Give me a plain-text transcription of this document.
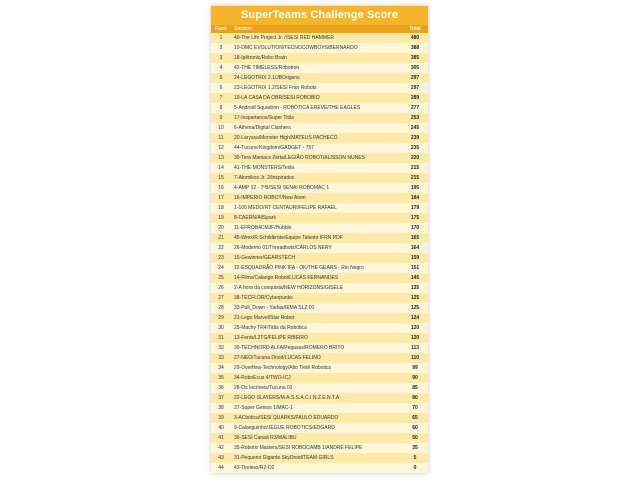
SuperTeams Challenge Score
Rank	Session	Total
1	40-The Life Project Jr. //SESI RED HAMMER	480
2	10-DMC EVOLUTION/TECNOCOWBOYS/BERNARDO	388
3	18-Ipêtronic/Robo Brain	385
4	42-THE TIMELESS/Robotron	305
5	24-LEGOTRIX 2.1/JBOrigens	297
6	23-LEGOTRIX 1.2/SESI Fran Robots	297
7	19-LA CASA DA OBR/SESI ROBOBIO	289
8	5-Android Squadron - ROBÓTICA EREVE/THE EAGLES	277
9	17-Inspartanos/Super Titãs	253
10	6-Athena/Digital Clashers	245
11	20-Laryssa/Monster High/MATEUS PACHECO	239
12	44-Tucuna Kingdom/GADGET - 757	235
13	30-Tera Maniacs Zetta/LEGIÃO ROBOT/ALISSON NUNES	220
14	41-THE MONSTERS/Tesla	215
15	7-Atomikos Jr. 2/Inspirados	215
16	4-AMP 12 - 7ºB/SESI SENAI ROBOMAC 1	195
17	16-IMPERIO ROBOT/New Atom	184
18	1-100 MEDO/RT CENTAURI/FELIPE RAFAEL	179
19	8-CAERN/AllSpark	175
20	11-EFROB4CMJF/Hubble	170
21	45-Wrex/R.Schildkröte/Equipe Talento IFRN PDF	165
22	26-Moderno 01/Threadbots/CARLOS NERY	164
23	15-Gewinner/GEARSTECH	159
24	12-ESQUADRÃO PINK IFA - OK/THE GEARS - Rio Negro	151
25	14-Filmx/Calango Robot/LUCAS FERNANDES	145
26	2-A hora da conquista/NEW HORIZONS/GISELE	135
27	38-TECFLOR/Cyberpunks	125
28	33-Pull_Down - Yadaa/IEMA SLZ 01	125
29	21-Lego Marvel/Star Robot	124
30	25-Machy TR4/Titãs da Robótica	120
31	13-Fenix/L2TG/FELIPE RIBEIRO	120
32	39-TECHNORD ALFA/Pegasus/ROMERO BRITO	113
33	27-NEO/Tucuna Droid/LUCAS FELINO	110
34	29-Overflow-Technology/Alto Tietê Robotics	99
35	34-RoboEcus 4/TWO-ICJ	90
36	28-Os Incríveis/Tucuna 01	85
37	22-LEGO SLAYERS/M.A.S.S.A.C.I.N.Z.E.N.T.A	80
38	37-Super Genios 1/MAC-1	70
39	3-ACbótica/SESI QUARKS/PAULO EDUARDO	65
40	9-Calanguinho/JEGUE ROBOTICS/EDGARD	60
41	36-SESI Canaã R3/MALIBU	50
42	35-Robotic Masters/SESI ROBOCAMB 1/ANDRÉ FELIPE	35
43	31-Pequeno Gigante SkyDroid/TEAM GIRLS	5
44	43-Tireless/R2-D2	0
